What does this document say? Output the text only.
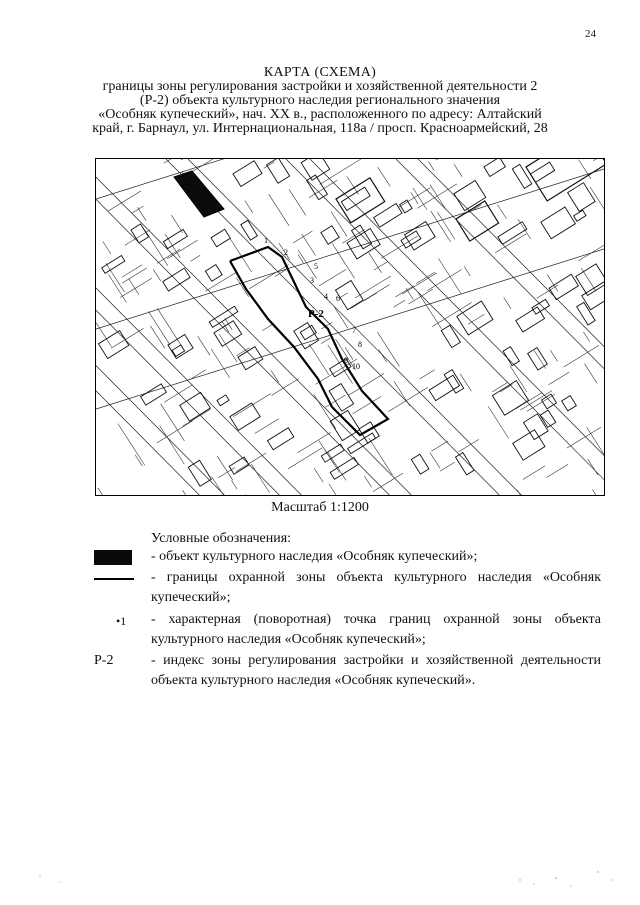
24
КАРТА (СХЕМА)
границы зоны регулирования застройки и хозяйственной деятельности 2
(Р-2) объекта культурного наследия регионального значения
«Особняк купеческий», нач. XX в., расположенного по адресу: Алтайский
край, г. Барнаул, ул. Интернациональная, 118а / просп. Красноармейский, 28
Р-2
1
2
3
4
5
6
7
8
9
10
Масштаб 1:1200
Условные обозначения:
- объект культурного наследия «Особняк купеческий»;
- границы охранной зоны объекта культурного наследия «Особняк купеческий»;
•1 - характерная (поворотная) точка границ охранной зоны объекта культурного наследия «Особняк купеческий»;
Р-2	- индекс зоны регулирования застройки и хозяйственной деятельности объекта культурного наследия «Особняк купеческий».
